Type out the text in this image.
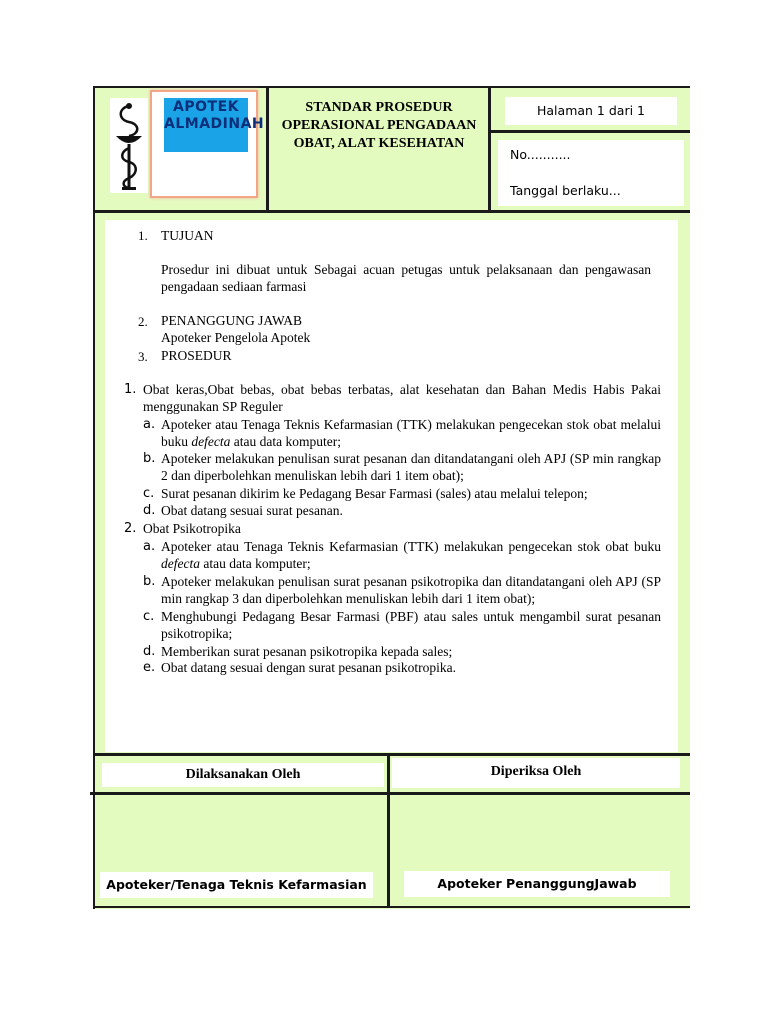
APOTEK ALMADINAH
STANDAR PROSEDUR OPERASIONAL PENGADAAN OBAT, ALAT KESEHATAN
Halaman 1 dari 1
No...........
Tanggal berlaku...
1. TUJUAN
Prosedur ini dibuat untuk Sebagai acuan petugas untuk pelaksanaan dan pengawasan pengadaan sediaan farmasi
2. PENANGGUNG JAWAB
Apoteker Pengelola Apotek
3. PROSEDUR
1. Obat keras,Obat bebas, obat bebas terbatas, alat kesehatan dan Bahan Medis Habis Pakai menggunakan SP Reguler
a. Apoteker atau Tenaga Teknis Kefarmasian (TTK) melakukan pengecekan stok obat melalui buku defecta atau data komputer;
b. Apoteker melakukan penulisan surat pesanan dan ditandatangani oleh APJ (SP min rangkap 2 dan diperbolehkan menuliskan lebih dari 1 item obat);
c. Surat pesanan dikirim ke Pedagang Besar Farmasi (sales) atau melalui telepon;
d. Obat datang sesuai surat pesanan.
2. Obat Psikotropika
a. Apoteker atau Tenaga Teknis Kefarmasian (TTK) melakukan pengecekan stok obat buku defecta atau data komputer;
b. Apoteker melakukan penulisan surat pesanan psikotropika dan ditandatangani oleh APJ (SP min rangkap 3 dan diperbolehkan menuliskan lebih dari 1 item obat);
c. Menghubungi Pedagang Besar Farmasi (PBF) atau sales untuk mengambil surat pesanan psikotropika;
d. Memberikan surat pesanan psikotropika kepada sales;
e. Obat datang sesuai dengan surat pesanan psikotropika.
Dilaksanakan Oleh	Diperiksa Oleh
Apoteker/Tenaga Teknis Kefarmasian	Apoteker PenanggungJawab
